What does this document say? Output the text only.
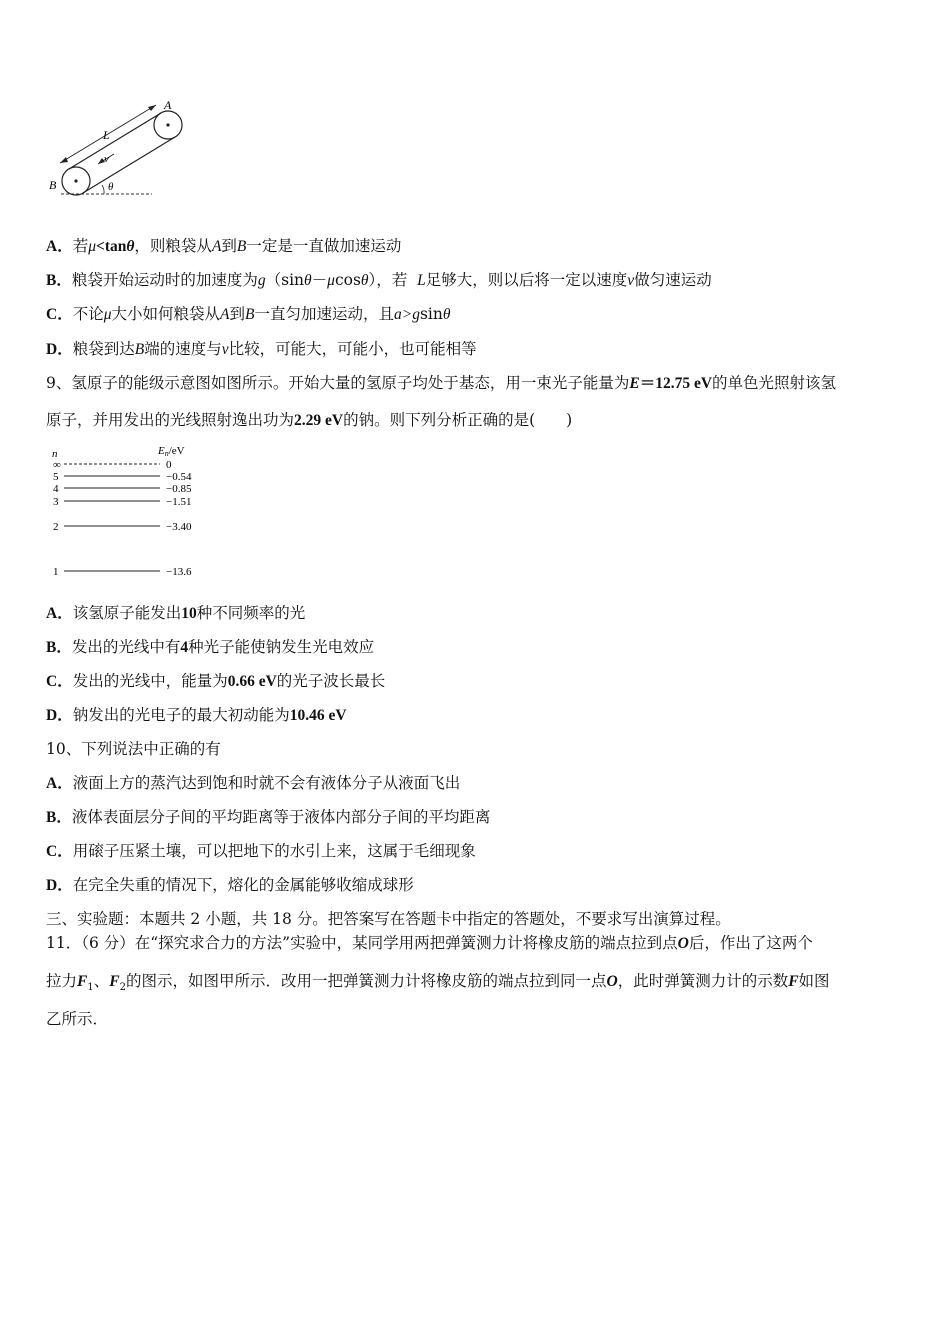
A
B
L
v
θ
A．若μ<tanθ，则粮袋从A到B一定是一直做加速运动
B．粮袋开始运动时的加速度为g（sinθ－μcosθ），若 L足够大，则以后将一定以速度v做匀速运动
C．不论μ大小如何粮袋从A到B一直匀加速运动，且a>gsinθ
D．粮袋到达B端的速度与v比较，可能大，可能小，也可能相等
9、氢原子的能级示意图如图所示。开始大量的氢原子均处于基态，用一束光子能量为E＝12.75 eV的单色光照射该氢
原子，并用发出的光线照射逸出功为2.29 eV的钠。则下列分析正确的是(　　)
n	En/eV
∞	0
5	−0.54
4	−0.85
3	−1.51
2	−3.40
1	−13.6
A．该氢原子能发出10种不同频率的光
B．发出的光线中有4种光子能使钠发生光电效应
C．发出的光线中，能量为0.66 eV的光子波长最长
D．钠发出的光电子的最大初动能为10.46 eV
10、下列说法中正确的有
A．液面上方的蒸汽达到饱和时就不会有液体分子从液面飞出
B．液体表面层分子间的平均距离等于液体内部分子间的平均距离
C．用磙子压紧土壤，可以把地下的水引上来，这属于毛细现象
D．在完全失重的情况下，熔化的金属能够收缩成球形
三、实验题：本题共 2 小题，共 18 分。把答案写在答题卡中指定的答题处，不要求写出演算过程。
11．（6 分）在“探究求合力的方法”实验中，某同学用两把弹簧测力计将橡皮筋的端点拉到点O后，作出了这两个
拉力$F_1$、$F_2$的图示，如图甲所示．改用一把弹簧测力计将橡皮筋的端点拉到同一点O，此时弹簧测力计的示数F如图
乙所示．
